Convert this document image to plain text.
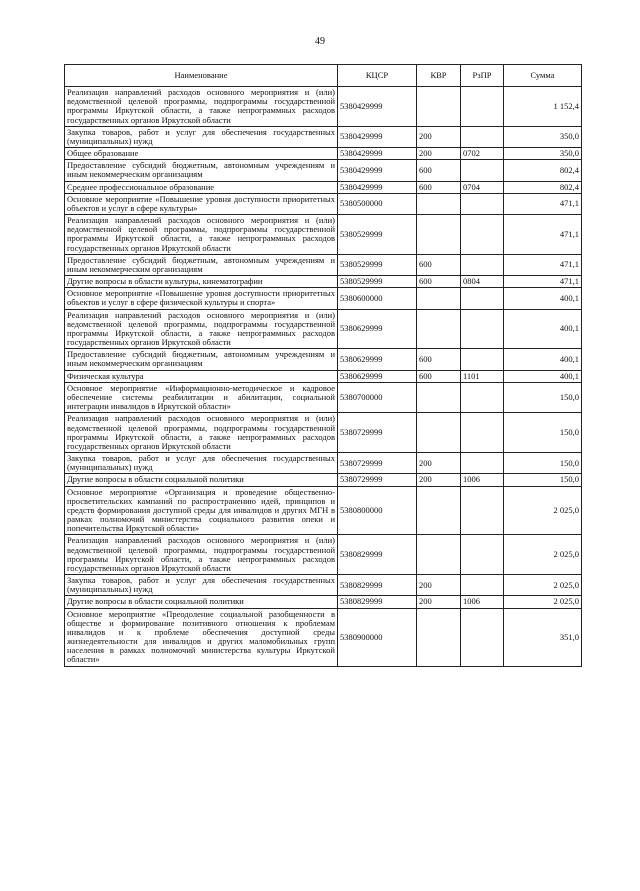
49
Наименование	КЦСР	КВР	РзПР	Сумма
Реализация направлений расходов основного мероприятия и (или) ведомственной целевой программы, подпрограммы государственной программы Иркутской области, а также непрограммных расходов государственных органов Иркутской области	5380429999			1 152,4
Закупка товаров, работ и услуг для обеспечения государственных (муниципальных) нужд	5380429999	200		350,0
Общее образование	5380429999	200	0702	350,0
Предоставление субсидий бюджетным, автономным учреждениям и иным некоммерческим организациям	5380429999	600		802,4
Среднее профессиональное образование	5380429999	600	0704	802,4
Основное мероприятие «Повышение уровня доступности приоритетных объектов и услуг в сфере культуры»	5380500000			471,1
Реализация направлений расходов основного мероприятия и (или) ведомственной целевой программы, подпрограммы государственной программы Иркутской области, а также непрограммных расходов государственных органов Иркутской области	5380529999			471,1
Предоставление субсидий бюджетным, автономным учреждениям и иным некоммерческим организациям	5380529999	600		471,1
Другие вопросы в области культуры, кинематографии	5380529999	600	0804	471,1
Основное мероприятие «Повышение уровня доступности приоритетных объектов и услуг в сфере физической культуры и спорта»	5380600000			400,1
Реализация направлений расходов основного мероприятия и (или) ведомственной целевой программы, подпрограммы государственной программы Иркутской области, а также непрограммных расходов государственных органов Иркутской области	5380629999			400,1
Предоставление субсидий бюджетным, автономным учреждениям и иным некоммерческим организациям	5380629999	600		400,1
Физическая культура	5380629999	600	1101	400,1
Основное мероприятие «Информационно-методическое и кадровое обеспечение системы реабилитации и абилитации, социальной интеграции инвалидов в Иркутской области»	5380700000			150,0
Реализация направлений расходов основного мероприятия и (или) ведомственной целевой программы, подпрограммы государственной программы Иркутской области, а также непрограммных расходов государственных органов Иркутской области	5380729999			150,0
Закупка товаров, работ и услуг для обеспечения государственных (муниципальных) нужд	5380729999	200		150,0
Другие вопросы в области социальной политики	5380729999	200	1006	150,0
Основное мероприятие «Организация и проведение общественно-просветительских кампаний по распространению идей, принципов и средств формирования доступной среды для инвалидов и других МГН в рамках полномочий министерства социального развития опеки и попечительства Иркутской области»	5380800000			2 025,0
Реализация направлений расходов основного мероприятия и (или) ведомственной целевой программы, подпрограммы государственной программы Иркутской области, а также непрограммных расходов государственных органов Иркутской области	5380829999			2 025,0
Закупка товаров, работ и услуг для обеспечения государственных (муниципальных) нужд	5380829999	200		2 025,0
Другие вопросы в области социальной политики	5380829999	200	1006	2 025,0
Основное мероприятие «Преодоление социальной разобщенности в обществе и формирование позитивного отношения к проблемам инвалидов и к проблеме обеспечения доступной среды жизнедеятельности для инвалидов и других маломобильных групп населения в рамках полномочий министерства культуры Иркутской области»	5380900000			351,0
